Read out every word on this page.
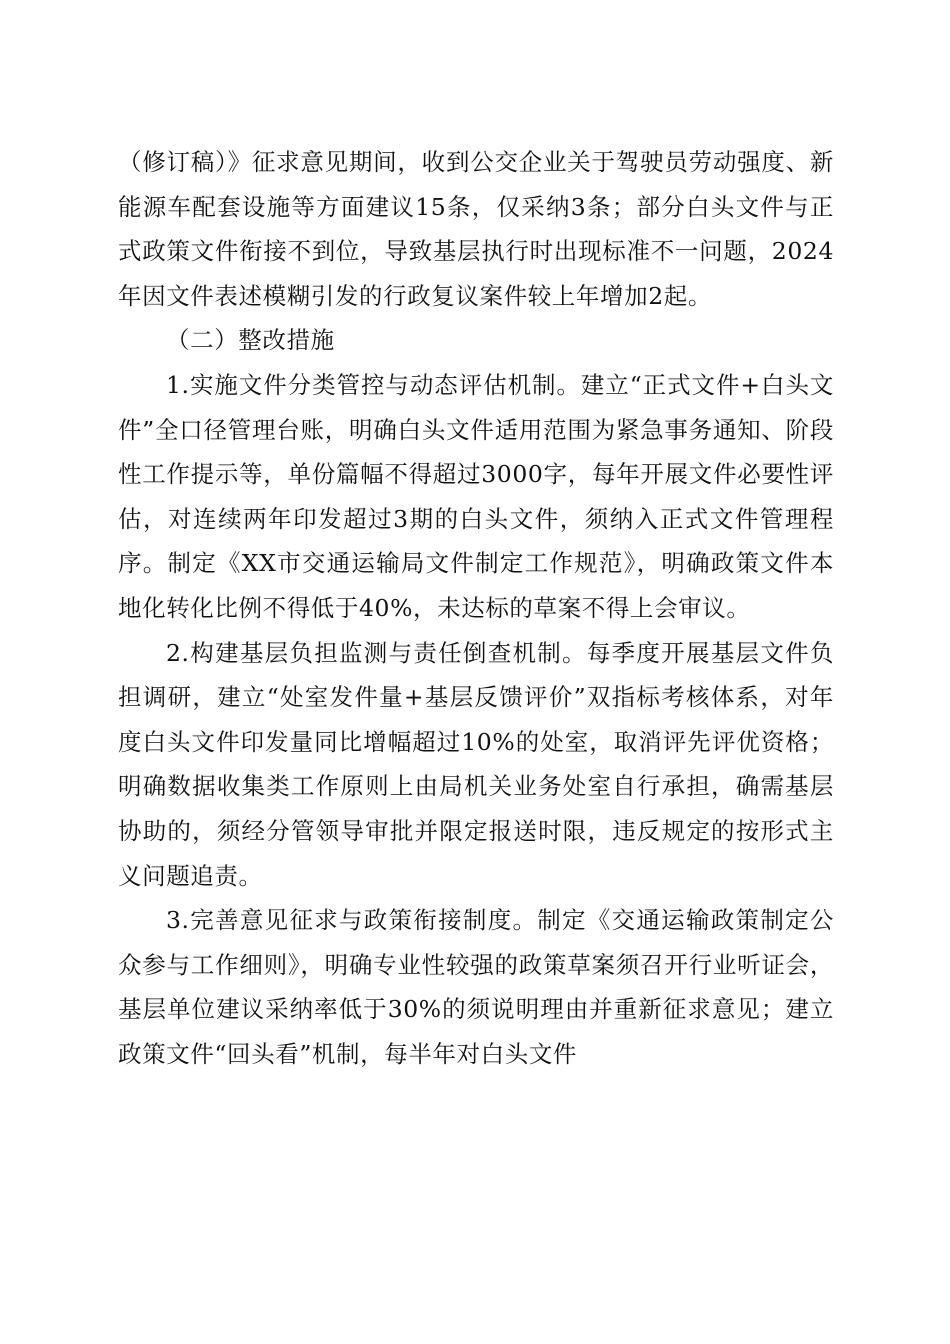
（修订稿）》征求意见期间，收到公交企业关于驾驶员劳动强度、新能源车配套设施等方面建议15条，仅采纳3条；部分白头文件与正式政策文件衔接不到位，导致基层执行时出现标准不一问题，2024年因文件表述模糊引发的行政复议案件较上年增加2起。

（二）整改措施

1.实施文件分类管控与动态评估机制。建立“正式文件+白头文件”全口径管理台账，明确白头文件适用范围为紧急事务通知、阶段性工作提示等，单份篇幅不得超过3000字，每年开展文件必要性评估，对连续两年印发超过3期的白头文件，须纳入正式文件管理程序。制定《XX市交通运输局文件制定工作规范》，明确政策文件本地化转化比例不得低于40%，未达标的草案不得上会审议。

2.构建基层负担监测与责任倒查机制。每季度开展基层文件负担调研，建立“处室发件量+基层反馈评价”双指标考核体系，对年度白头文件印发量同比增幅超过10%的处室，取消评先评优资格；明确数据收集类工作原则上由局机关业务处室自行承担，确需基层协助的，须经分管领导审批并限定报送时限，违反规定的按形式主义问题追责。

3.完善意见征求与政策衔接制度。制定《交通运输政策制定公众参与工作细则》，明确专业性较强的政策草案须召开行业听证会，基层单位建议采纳率低于30%的须说明理由并重新征求意见；建立政策文件“回头看”机制，每半年对白头文件
